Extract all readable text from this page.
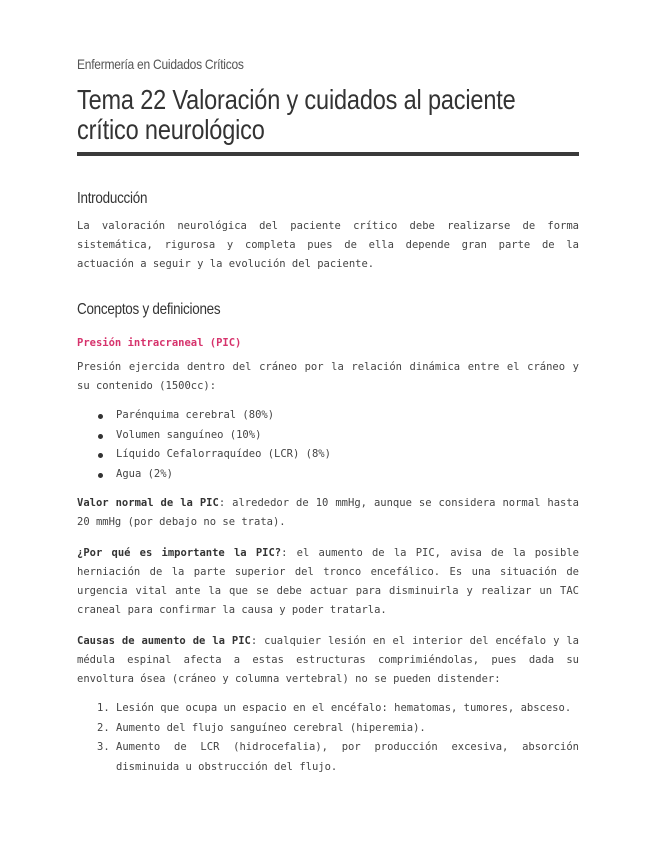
Enfermería en Cuidados Críticos
Tema 22 Valoración y cuidados al paciente crítico neurológico
Introducción
La valoración neurológica del paciente crítico debe realizarse de forma sistemática, rigurosa y completa pues de ella depende gran parte de la actuación a seguir y la evolución del paciente.
Conceptos y definiciones
Presión intracraneal (PIC)
Presión ejercida dentro del cráneo por la relación dinámica entre el cráneo y su contenido (1500cc):
Parénquima cerebral (80%)
Volumen sanguíneo (10%)
Líquido Cefalorraquídeo (LCR) (8%)
Agua (2%)
Valor normal de la PIC: alrededor de 10 mmHg, aunque se considera normal hasta 20 mmHg (por debajo no se trata).
¿Por qué es importante la PIC?: el aumento de la PIC, avisa de la posible herniación de la parte superior del tronco encefálico. Es una situación de urgencia vital ante la que se debe actuar para disminuirla y realizar un TAC craneal para confirmar la causa y poder tratarla.
Causas de aumento de la PIC: cualquier lesión en el interior del encéfalo y la médula espinal afecta a estas estructuras comprimiéndolas, pues dada su envoltura ósea (cráneo y columna vertebral) no se pueden distender:
1. Lesión que ocupa un espacio en el encéfalo: hematomas, tumores, absceso.
2. Aumento del flujo sanguíneo cerebral (hiperemia).
3. Aumento de LCR (hidrocefalia), por producción excesiva, absorción disminuida u obstrucción del flujo.
